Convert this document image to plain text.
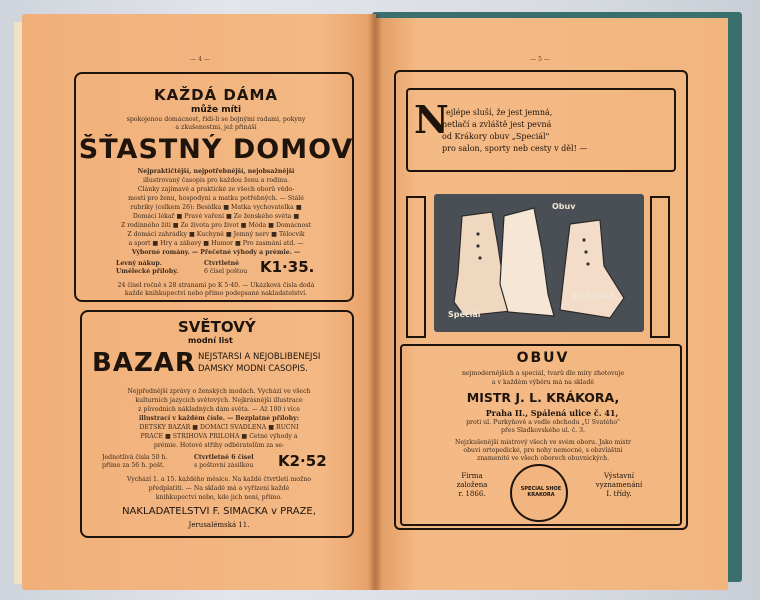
— 4 —
KAŽDÁ DÁMA
může míti
spokojenou domácnost, řídí-li se bojnými radami, pokyny
a zkušenostmi, jež přináší
ŠŤASTNÝ DOMOV
Nejpraktičtější, nejpotřebnější, nejobsažnější
illustrovaný časopis pro každou ženu a rodinu.
Články zajímavé a praktické ze všech oborů vědo-
mostí pro ženu, hospodyni a matku potřebných. — Stálé
rubriky (celkem 26): Besídka ■ Matka vychovatelka ■
Domácí lékař ■ Pravé vaření ■ Ze ženského světa ■
Z rodinného žití ■ Ze života pro život ■ Móda ■ Domácnost
Z domácí zahrádky ■ Kuchyně ■ Jemný nerv ■ Tělocvik
a sport ■ Hry a zábavy ■ Humor ■ Pro zasmání atd. —
Výborné romány. — Přečetné výhody a prémie. —
Levný nákup.
Umělecké přílohy.
Čtvrtletně
6 čísel poštou K1·35.
24 čísel ročně s 28 stranami po K 5·40. — Ukázková čísla dodá
každé knihkupectví nebo přímo podepsané nakladatelství.
SVĚTOVÝ
modní list
BAZAR NEJSTARŠÍ A NEJOBLÍBENĚJŠÍ
DÁMSKÝ MODNÍ ČASOPIS.
Nejpřednější zprávy o ženských modách. Vychází ve všech
kulturních jazycích světových. Nejkrásnější illustrace
z původních nákladných dám světa. — Až 100 i více
illustrací v každém čísle. — Bezplatné přílohy:
DĚTSKÝ BAZAR ■ DOMÁCÍ SVADLENA ■ RUČNÍ
PRÁCE ■ STŘIHOVÁ PŘÍLOHA ■ Četné výhody a
prémie. Hotové střihy odběratelům za se-
Jednotlivá čísla 50 h.
přímo za 56 h. pošt.
Čtvrtletně 6 čísel
s poštovní zásilkou	K2·52
Vychází 1. a 15. každého měsíce. Na každé čtvrtletí možno
předplatiti. — Na skladě má a vyřízení každé
knihkupectví nebo, kde jich není, přímo.
NAKLADATELSTVÍ F. ŠIMÁČKA v PRAZE,
Jerusalémská 11.
— 5 —
N
ejlépe sluší, že jest jemná,
netlačí a zvláště jest pevná
od Krákory obuv „Speciál"
pro salon, sporty neb cesty v děl! —
Obuv
Speciál
KRÁKORA
OBUV
nejmodernějších a speciál, tvarů dle míry zhotovuje
a v každém výběru má na skladě
MISTR J. L. KRÁKORA,
Praha II., Spálená ulice č. 41,
proti ul. Purkyňově a vedle obchodu „U Svatého"
přes Sladkovského ul. č. 3.
Nejzkušenější mistrový všech ve svém oboru. Jako mistr
obuvi ortopedické, pro nohy nemocné, s obzvláštní
znamenitě ve všech oborech obuvnických.
Firma
založena
r. 1866.
SPECIAL SHOE KRAKORA
Výstavní
vyznamenání
I. třídy.
